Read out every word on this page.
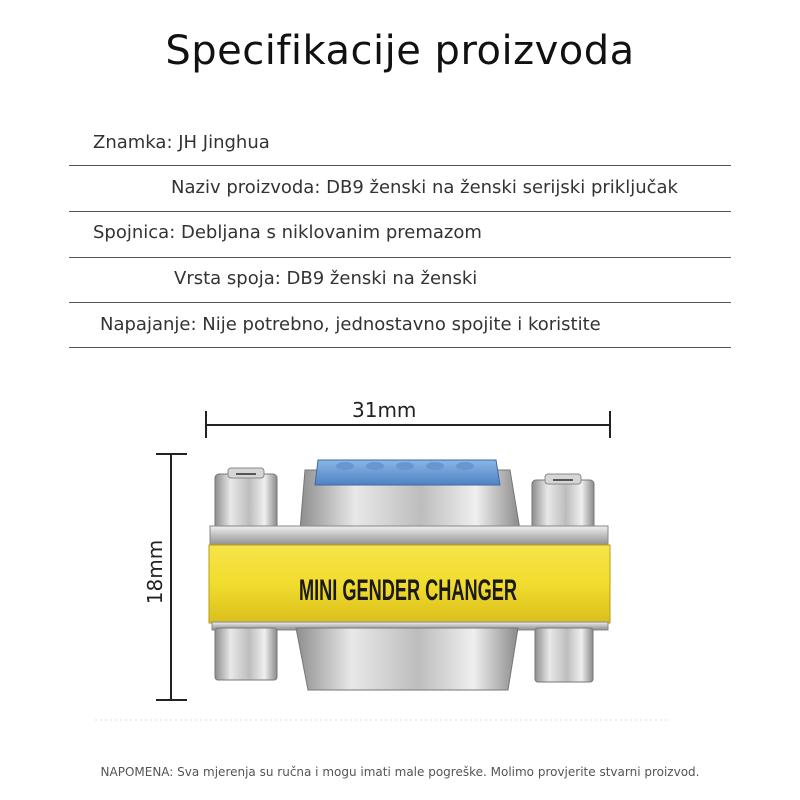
Specifikacije proizvoda
Znamka: JH Jinghua
Naziv proizvoda: DB9 ženski na ženski serijski priključak
Spojnica: Debljana s niklovanim premazom
Vrsta spoja: DB9 ženski na ženski
Napajanje: Nije potrebno, jednostavno spojite i koristite
31mm
18mm	MINI GENDER CHANGER
NAPOMENA: Sva mjerenja su ručna i mogu imati male pogreške. Molimo provjerite stvarni proizvod.
